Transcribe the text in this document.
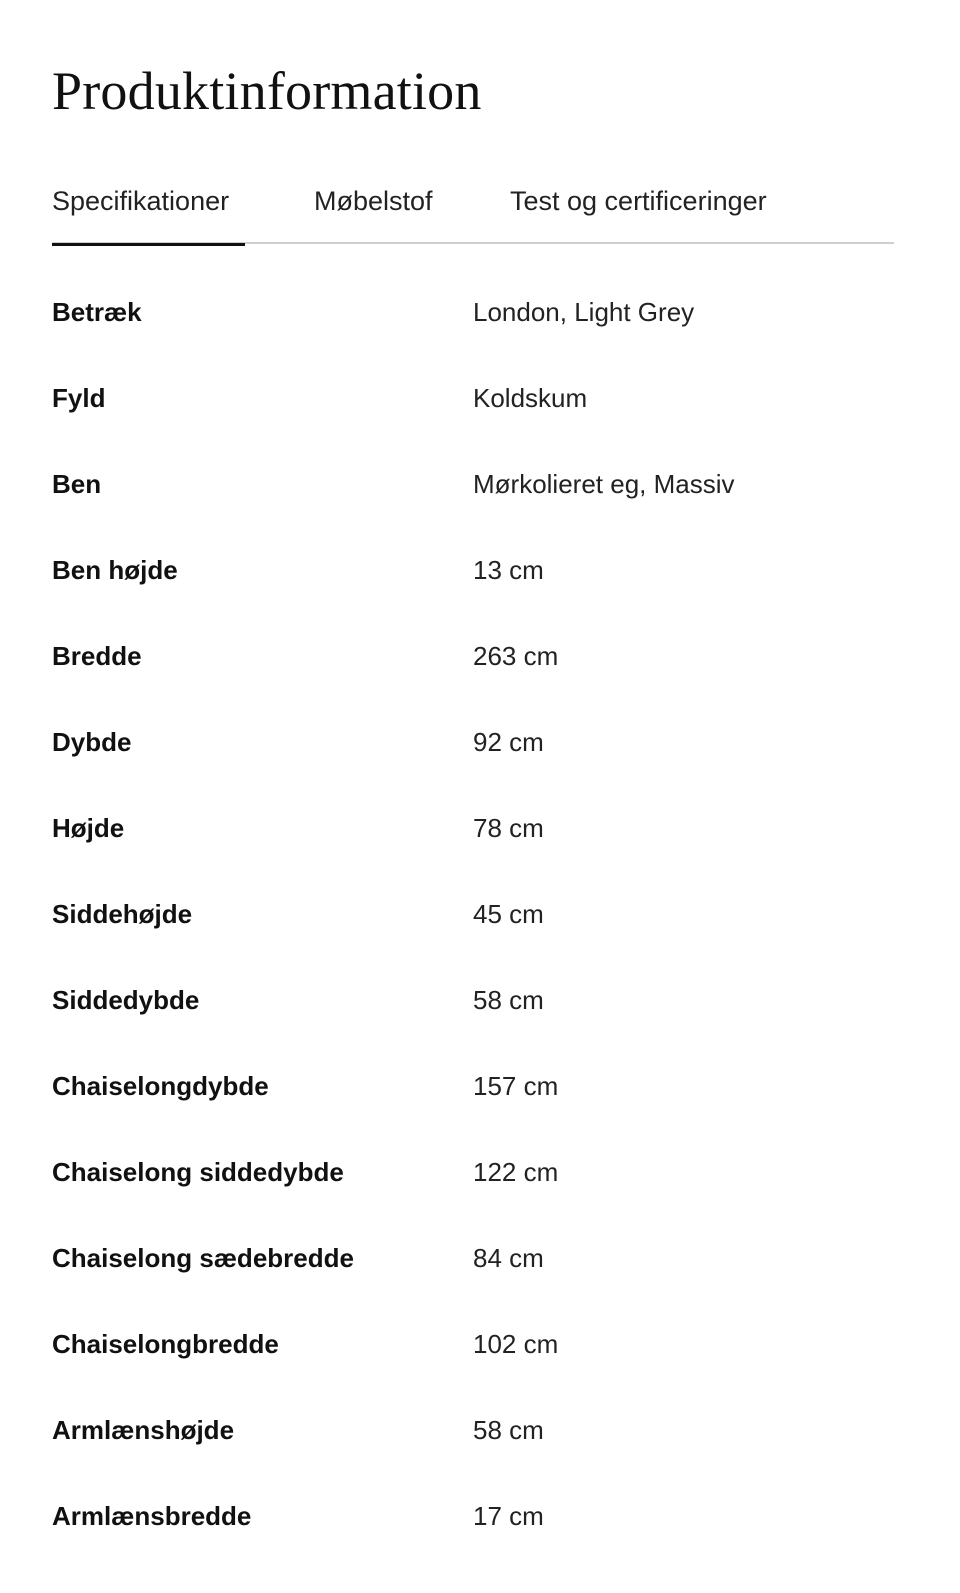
Produktinformation
Specifikationer	Møbelstof	Test og certificeringer
Betræk	London, Light Grey
Fyld	Koldskum
Ben	Mørkolieret eg, Massiv
Ben højde	13 cm
Bredde	263 cm
Dybde	92 cm
Højde	78 cm
Siddehøjde	45 cm
Siddedybde	58 cm
Chaiselongdybde	157 cm
Chaiselong siddedybde	122 cm
Chaiselong sædebredde	84 cm
Chaiselongbredde	102 cm
Armlænshøjde	58 cm
Armlænsbredde	17 cm
